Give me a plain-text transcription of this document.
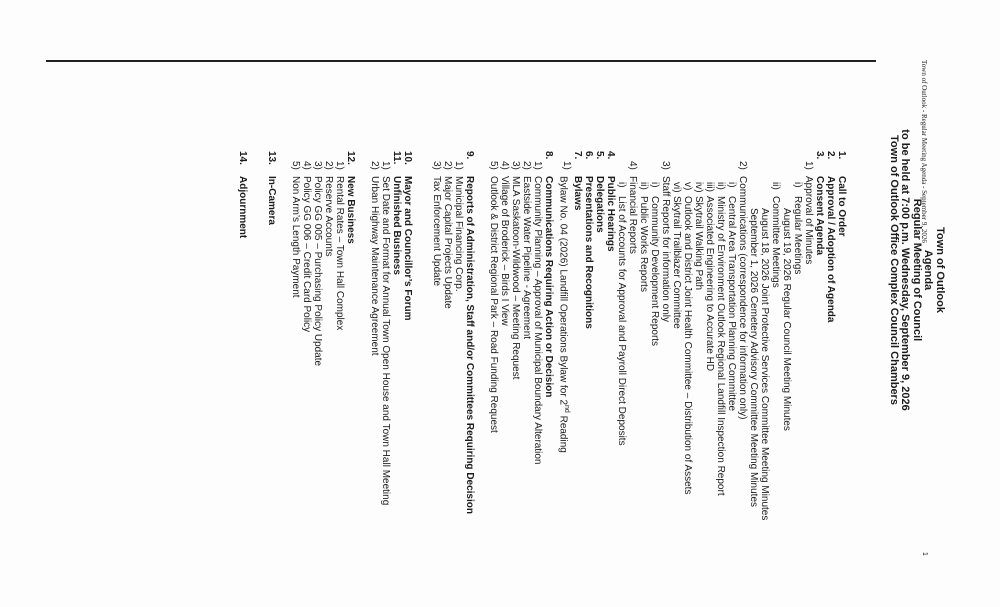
Town of Outlook
Agenda
Regular Meeting of Council
to be held at 7:00 p.m. Wednesday, September 9, 2026
Town of Outlook Office Complex Council Chambers
1.
Call to Order
2.
Approval / Adoption of Agenda
3.
Consent Agenda
1)
Approval of Minutes
i)
Regular Meetings
August 19, 2026 Regular Council Meeting Minutes
ii)
Committee Meetings
August 18, 2026 Joint Protective Services Committee Meeting Minutes
September 1, 2026 Cemetery Advisory Committee Meeting Minutes
2)
Communications (correspondence for information only)
i)
Central Area Transportation Planning Committee
ii)
Ministry of Environment Outlook Regional Landfill Inspection Report
iii)
Associated Engineering to Accurate HD
iv)
Skytrail Walking Path
v)
Outlook and District Joint Health Committee – Distribution of Assets
vi)
Skytrail Trailblazer Committee
3)
Staff Reports for information only
i)
Community Development Reports
ii)
Public Works Reports
4)
Financial Reports
i)
List of Accounts for Approval and Payroll Direct Deposits
4.
Public Hearings
5.
Delegations
6.
Presentations and Recognitions
7.
Bylaws
1)
Bylaw No. 04 (2026) Landfill Operations Bylaw for 2nd Reading
8.
Communications Requiring Action or Decision
1)
Community Planning – Approval of Municipal Boundary Alteration
2)
Eastside Water Pipeline - Agreement
3)
MLA Saskatoon-Wildwood – Meeting Request
4)
Village of Broderick – Birds I View
5)
Outlook & District Regional Park – Road Funding Request
9.
Reports of Administration, Staff and/or Committees Requiring Decision
1)
Municipal Financing Corp.
2)
Major Capital Projects Update
3)
Tax Enforcement Update
10.
Mayor and Councillor’s Forum
11.
Unfinished Business
1)
Set Date and Format for Annual Town Open House and Town Hall Meeting
2)
Urban Highway Maintenance Agreement
12.
New Business
1)
Rental Rates – Town Hall Complex
2)
Reserve Accounts
3)
Policy GG 005 – Purchasing Policy Update
4)
Policy GG 006 – Credit Card Policy
5)
Non Arm’s Length Payment
13.
In-Camera
14.
Adjournment	Town of Outlook - Regular Meeting Agenda - September 9, 2026
1
